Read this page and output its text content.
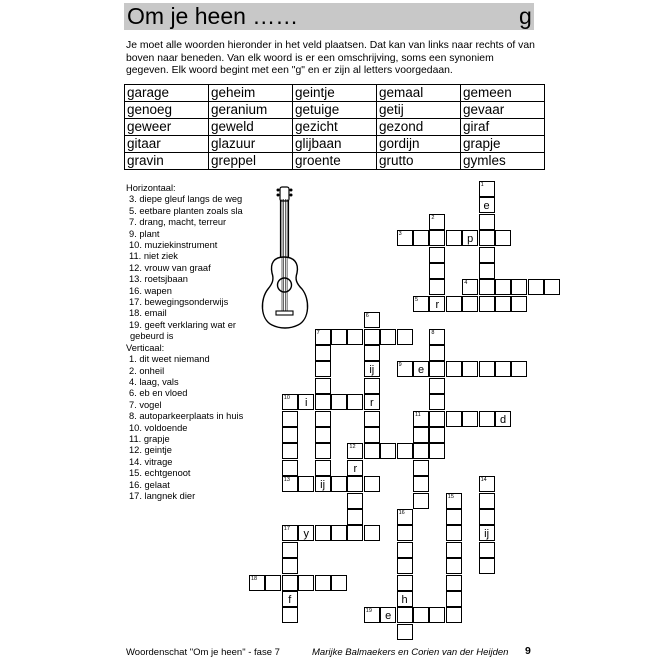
Om je heen ……	g

Je moet alle woorden hieronder in het veld plaatsen. Dat kan van links naar rechts of van boven naar beneden. Van elk woord is er een omschrijving, soms een synoniem gegeven. Elk woord begint met een "g" en er zijn al letters voorgedaan.

garage	geheim	geintje	gemaal	gemeen
genoeg	geranium	getuige	getij	gevaar
geweer	geweld	gezicht	gezond	giraf
gitaar	glazuur	glijbaan	gordijn	grapje
gravin	greppel	groente	grutto	gymles
Horizontaal:
3. diepe gleuf langs de weg
5. eetbare planten zoals sla
7. drang, macht, terreur
9. plant
10. muziekinstrument
11. niet ziek
12. vrouw van graaf
13. roetsjbaan
16. wapen
17. bewegingsonderwijs
18. email
19. geeft verklaring wat er gebeurd is
Verticaal:
1. dit weet niemand
2. onheil
4. laag, vals
6. eb en vloed
7. vogel
8. autoparkeerplaats in huis
10. voldoende
11. grapje
12. geintje
14. vitrage
15. echtgenoot
16. gelaat
17. langnek dier
1
e
2
r
3	p
4
5
6
ij
r
7	8
9	e
ij
10	i
13
11	d
12
r
14
ij
15
16
h
17	y
f
18
19	e
Woordenschat "Om je heen" - fase 7	Marijke Balmaekers en Corien van der Heijden 9
